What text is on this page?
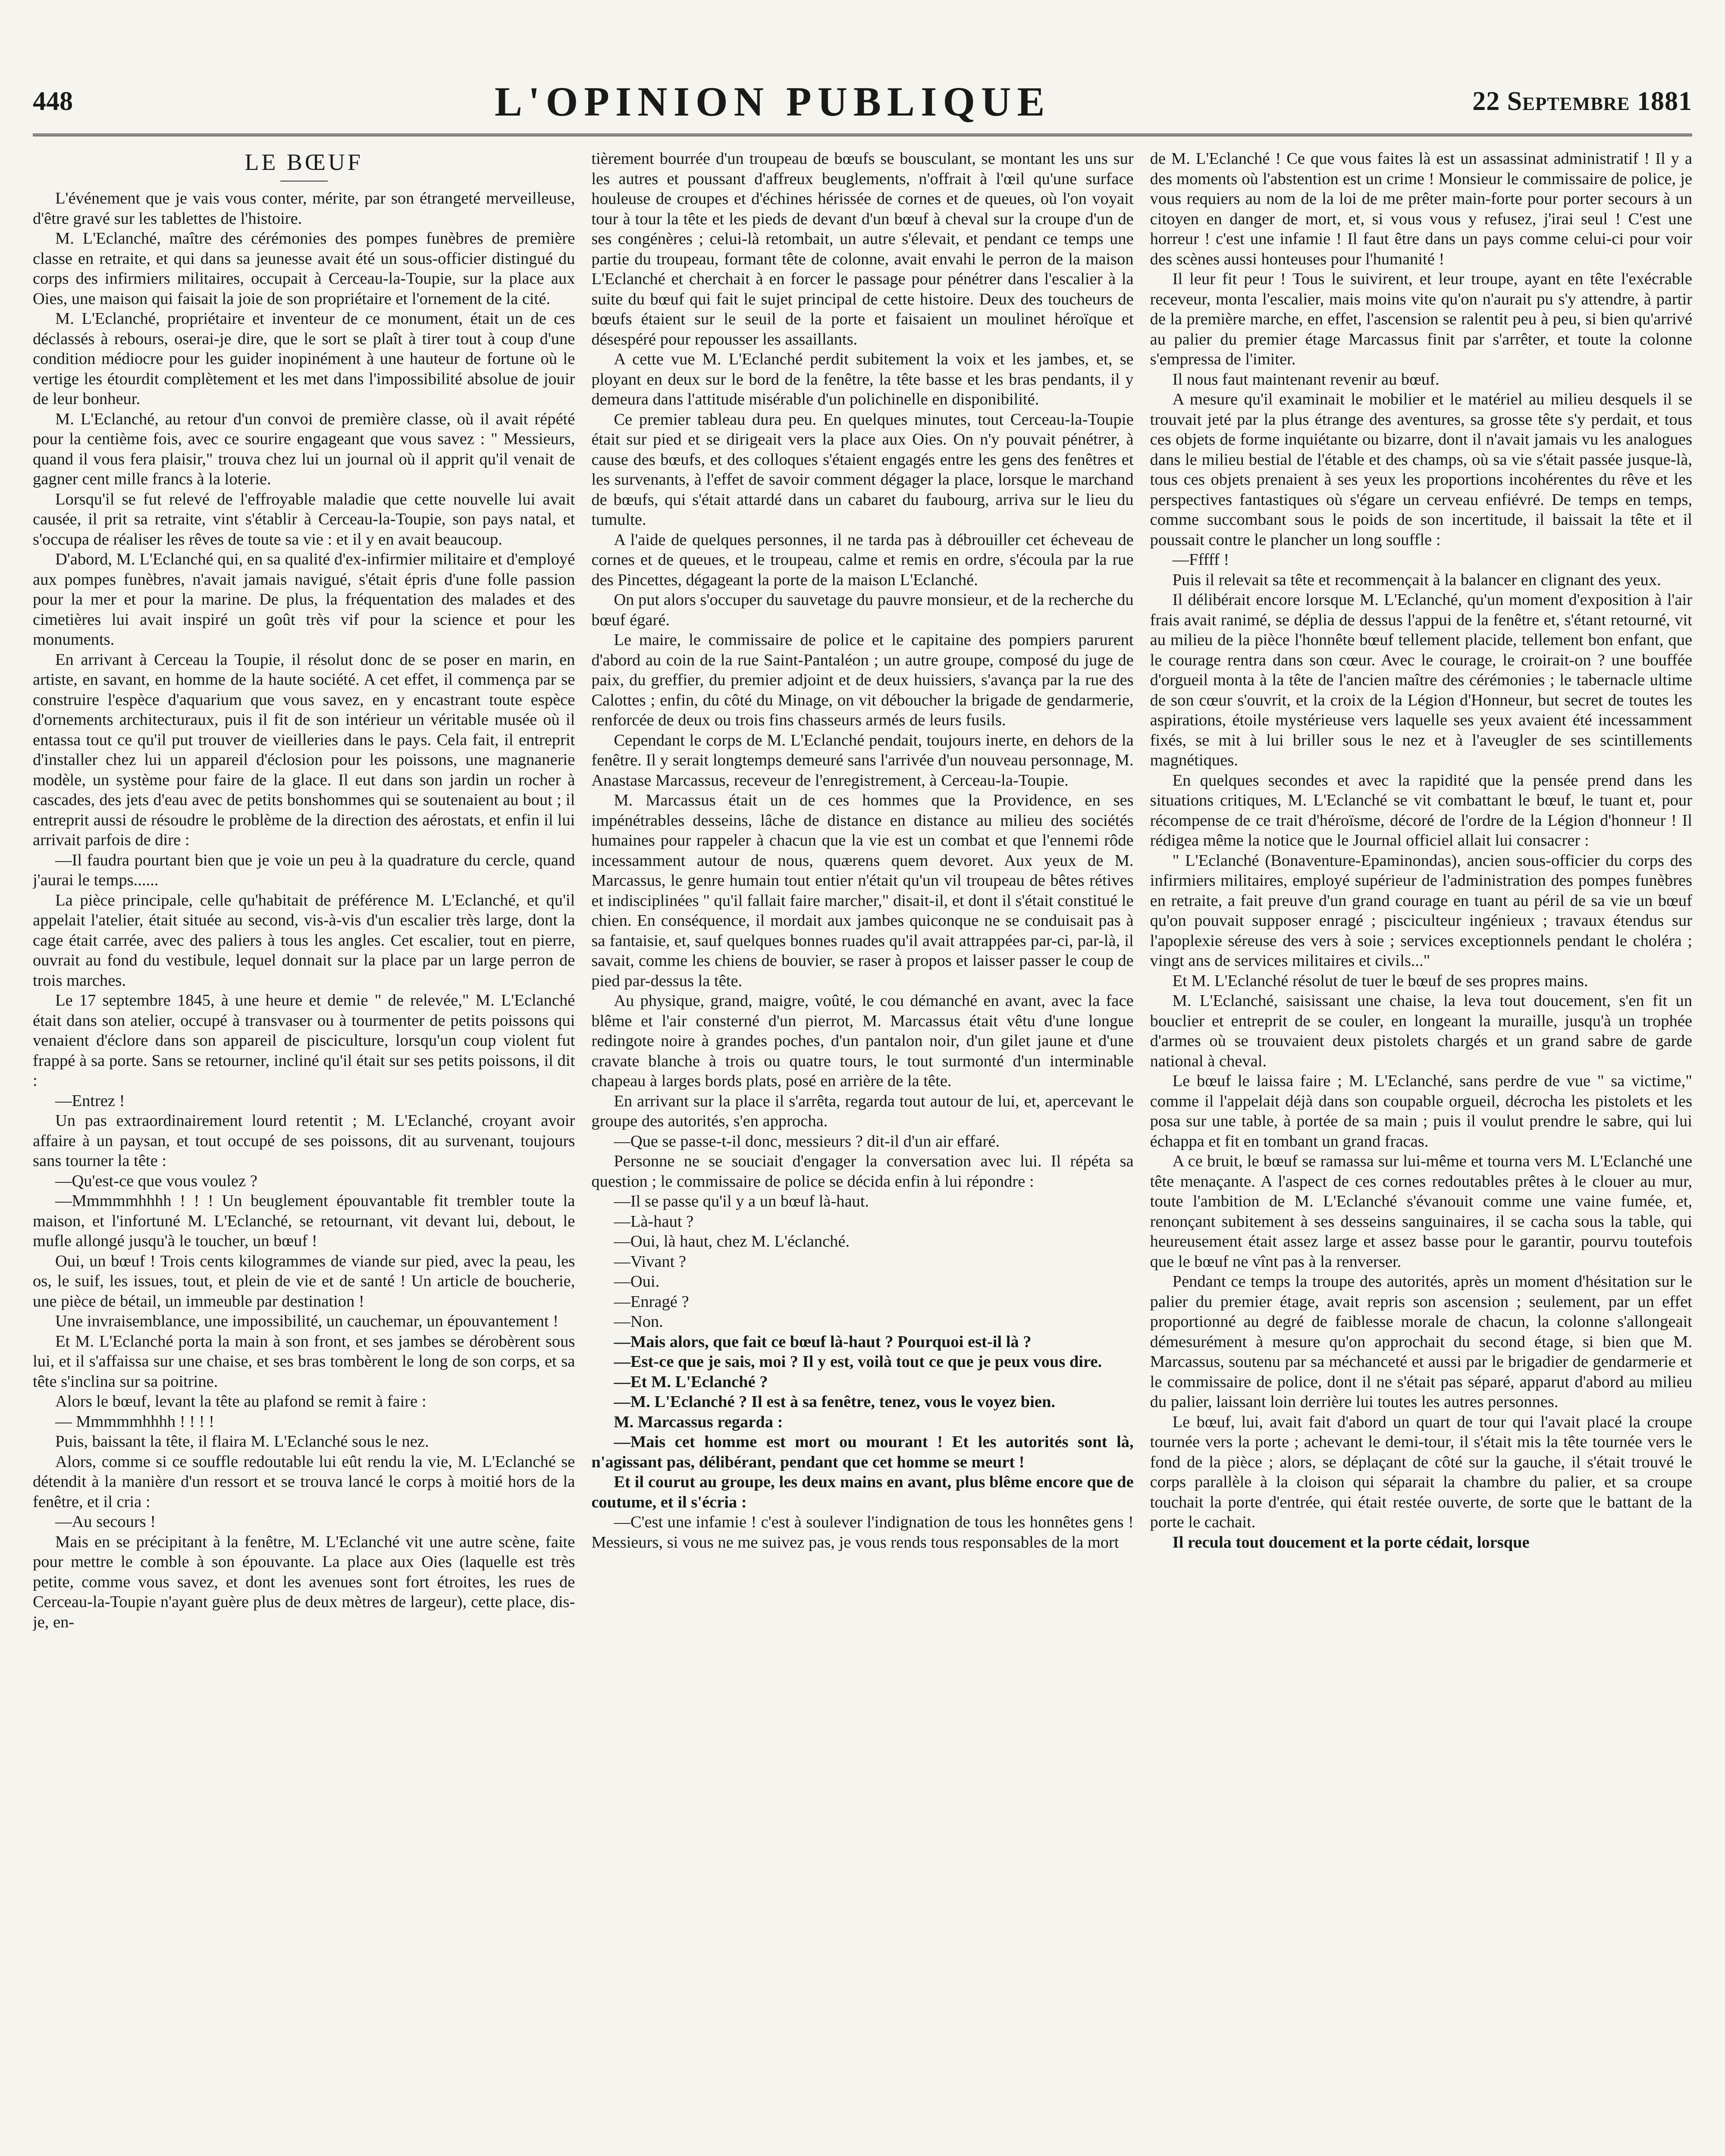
448	L'OPINION PUBLIQUE	22 Septembre 1881
LE BŒUF

L'événement que je vais vous conter, mérite, par son étrangeté merveilleuse, d'être gravé sur les tablettes de l'histoire.

M. L'Eclanché, maître des cérémonies des pompes funèbres de première classe en retraite, et qui dans sa jeunesse avait été un sous-officier distingué du corps des infirmiers militaires, occupait à Cerceau-la-Toupie, sur la place aux Oies, une maison qui faisait la joie de son propriétaire et l'ornement de la cité.

M. L'Eclanché, propriétaire et inventeur de ce monument, était un de ces déclassés à rebours, oserai-je dire, que le sort se plaît à tirer tout à coup d'une condition médiocre pour les guider inopinément à une hauteur de fortune où le vertige les étourdit complètement et les met dans l'impossibilité absolue de jouir de leur bonheur.

M. L'Eclanché, au retour d'un convoi de première classe, où il avait répété pour la centième fois, avec ce sourire engageant que vous savez : " Messieurs, quand il vous fera plaisir," trouva chez lui un journal où il apprit qu'il venait de gagner cent mille francs à la loterie.

Lorsqu'il se fut relevé de l'effroyable maladie que cette nouvelle lui avait causée, il prit sa retraite, vint s'établir à Cerceau-la-Toupie, son pays natal, et s'occupa de réaliser les rêves de toute sa vie : et il y en avait beaucoup.

D'abord, M. L'Eclanché qui, en sa qualité d'ex-infirmier militaire et d'employé aux pompes funèbres, n'avait jamais navigué, s'était épris d'une folle passion pour la mer et pour la marine. De plus, la fréquentation des malades et des cimetières lui avait inspiré un goût très vif pour la science et pour les monuments.

En arrivant à Cerceau la Toupie, il résolut donc de se poser en marin, en artiste, en savant, en homme de la haute société. A cet effet, il commença par se construire l'espèce d'aquarium que vous savez, en y encastrant toute espèce d'ornements architecturaux, puis il fit de son intérieur un véritable musée où il entassa tout ce qu'il put trouver de vieilleries dans le pays. Cela fait, il entreprit d'installer chez lui un appareil d'éclosion pour les poissons, une magnanerie modèle, un système pour faire de la glace. Il eut dans son jardin un rocher à cascades, des jets d'eau avec de petits bonshommes qui se soutenaient au bout ; il entreprit aussi de résoudre le problème de la direction des aérostats, et enfin il lui arrivait parfois de dire :

—Il faudra pourtant bien que je voie un peu à la quadrature du cercle, quand j'aurai le temps......

La pièce principale, celle qu'habitait de préférence M. L'Eclanché, et qu'il appelait l'atelier, était située au second, vis-à-vis d'un escalier très large, dont la cage était carrée, avec des paliers à tous les angles. Cet escalier, tout en pierre, ouvrait au fond du vestibule, lequel donnait sur la place par un large perron de trois marches.

Le 17 septembre 1845, à une heure et demie " de relevée," M. L'Eclanché était dans son atelier, occupé à transvaser ou à tourmenter de petits poissons qui venaient d'éclore dans son appareil de pisciculture, lorsqu'un coup violent fut frappé à sa porte. Sans se retourner, incliné qu'il était sur ses petits poissons, il dit :

—Entrez !

Un pas extraordinairement lourd retentit ; M. L'Eclanché, croyant avoir affaire à un paysan, et tout occupé de ses poissons, dit au survenant, toujours sans tourner la tête :

—Qu'est-ce que vous voulez ?

—Mmmmmhhhh ! ! ! Un beuglement épouvantable fit trembler toute la maison, et l'infortuné M. L'Eclanché, se retournant, vit devant lui, debout, le mufle allongé jusqu'à le toucher, un bœuf !

Oui, un bœuf ! Trois cents kilogrammes de viande sur pied, avec la peau, les os, le suif, les issues, tout, et plein de vie et de santé ! Un article de boucherie, une pièce de bétail, un immeuble par destination !

Une invraisemblance, une impossibilité, un cauchemar, un épouvantement !

Et M. L'Eclanché porta la main à son front, et ses jambes se dérobèrent sous lui, et il s'affaissa sur une chaise, et ses bras tombèrent le long de son corps, et sa tête s'inclina sur sa poitrine.

Alors le bœuf, levant la tête au plafond se remit à faire :

— Mmmmmhhhh ! ! ! !

Puis, baissant la tête, il flaira M. L'Eclanché sous le nez.

Alors, comme si ce souffle redoutable lui eût rendu la vie, M. L'Eclanché se détendit à la manière d'un ressort et se trouva lancé le corps à moitié hors de la fenêtre, et il cria :

—Au secours !

Mais en se précipitant à la fenêtre, M. L'Eclanché vit une autre scène, faite pour mettre le comble à son épouvante. La place aux Oies (laquelle est très petite, comme vous savez, et dont les avenues sont fort étroites, les rues de Cerceau-la-Toupie n'ayant guère plus de deux mètres de largeur), cette place, dis-je, en-

tièrement bourrée d'un troupeau de bœufs se bousculant, se montant les uns sur les autres et poussant d'affreux beuglements, n'offrait à l'œil qu'une surface houleuse de croupes et d'échines hérissée de cornes et de queues, où l'on voyait tour à tour la tête et les pieds de devant d'un bœuf à cheval sur la croupe d'un de ses congénères ; celui-là retombait, un autre s'élevait, et pendant ce temps une partie du troupeau, formant tête de colonne, avait envahi le perron de la maison L'Eclanché et cherchait à en forcer le passage pour pénétrer dans l'escalier à la suite du bœuf qui fait le sujet principal de cette histoire. Deux des toucheurs de bœufs étaient sur le seuil de la porte et faisaient un moulinet héroïque et désespéré pour repousser les assaillants.

A cette vue M. L'Eclanché perdit subitement la voix et les jambes, et, se ployant en deux sur le bord de la fenêtre, la tête basse et les bras pendants, il y demeura dans l'attitude misérable d'un polichinelle en disponibilité.

Ce premier tableau dura peu. En quelques minutes, tout Cerceau-la-Toupie était sur pied et se dirigeait vers la place aux Oies. On n'y pouvait pénétrer, à cause des bœufs, et des colloques s'étaient engagés entre les gens des fenêtres et les survenants, à l'effet de savoir comment dégager la place, lorsque le marchand de bœufs, qui s'était attardé dans un cabaret du faubourg, arriva sur le lieu du tumulte.

A l'aide de quelques personnes, il ne tarda pas à débrouiller cet écheveau de cornes et de queues, et le troupeau, calme et remis en ordre, s'écoula par la rue des Pincettes, dégageant la porte de la maison L'Eclanché.

On put alors s'occuper du sauvetage du pauvre monsieur, et de la recherche du bœuf égaré.

Le maire, le commissaire de police et le capitaine des pompiers parurent d'abord au coin de la rue Saint-Pantaléon ; un autre groupe, composé du juge de paix, du greffier, du premier adjoint et de deux huissiers, s'avança par la rue des Calottes ; enfin, du côté du Minage, on vit déboucher la brigade de gendarmerie, renforcée de deux ou trois fins chasseurs armés de leurs fusils.

Cependant le corps de M. L'Eclanché pendait, toujours inerte, en dehors de la fenêtre. Il y serait longtemps demeuré sans l'arrivée d'un nouveau personnage, M. Anastase Marcassus, receveur de l'enregistrement, à Cerceau-la-Toupie.

M. Marcassus était un de ces hommes que la Providence, en ses impénétrables desseins, lâche de distance en distance au milieu des sociétés humaines pour rappeler à chacun que la vie est un combat et que l'ennemi rôde incessamment autour de nous, quærens quem devoret. Aux yeux de M. Marcassus, le genre humain tout entier n'était qu'un vil troupeau de bêtes rétives et indisciplinées " qu'il fallait faire marcher," disait-il, et dont il s'était constitué le chien. En conséquence, il mordait aux jambes quiconque ne se conduisait pas à sa fantaisie, et, sauf quelques bonnes ruades qu'il avait attrappées par-ci, par-là, il savait, comme les chiens de bouvier, se raser à propos et laisser passer le coup de pied par-dessus la tête.

Au physique, grand, maigre, voûté, le cou démanché en avant, avec la face blême et l'air consterné d'un pierrot, M. Marcassus était vêtu d'une longue redingote noire à grandes poches, d'un pantalon noir, d'un gilet jaune et d'une cravate blanche à trois ou quatre tours, le tout surmonté d'un interminable chapeau à larges bords plats, posé en arrière de la tête.

En arrivant sur la place il s'arrêta, regarda tout autour de lui, et, apercevant le groupe des autorités, s'en approcha.

—Que se passe-t-il donc, messieurs ? dit-il d'un air effaré.

Personne ne se souciait d'engager la conversation avec lui. Il répéta sa question ; le commissaire de police se décida enfin à lui répondre :

—Il se passe qu'il y a un bœuf là-haut.

—Là-haut ?

—Oui, là haut, chez M. L'éclanché.

—Vivant ?

—Oui.

—Enragé ?

—Non.

—Mais alors, que fait ce bœuf là-haut ? Pourquoi est-il là ?

—Est-ce que je sais, moi ? Il y est, voilà tout ce que je peux vous dire.

—Et M. L'Eclanché ?

—M. L'Eclanché ? Il est à sa fenêtre, tenez, vous le voyez bien.

M. Marcassus regarda :

—Mais cet homme est mort ou mourant ! Et les autorités sont là, n'agissant pas, délibérant, pendant que cet homme se meurt !

Et il courut au groupe, les deux mains en avant, plus blême encore que de coutume, et il s'écria :

—C'est une infamie ! c'est à soulever l'indignation de tous les honnêtes gens ! Messieurs, si vous ne me suivez pas, je vous rends tous responsables de la mort

de M. L'Eclanché ! Ce que vous faites là est un assassinat administratif ! Il y a des moments où l'abstention est un crime ! Monsieur le commissaire de police, je vous requiers au nom de la loi de me prêter main-forte pour porter secours à un citoyen en danger de mort, et, si vous vous y refusez, j'irai seul ! C'est une horreur ! c'est une infamie ! Il faut être dans un pays comme celui-ci pour voir des scènes aussi honteuses pour l'humanité !

Il leur fit peur ! Tous le suivirent, et leur troupe, ayant en tête l'exécrable receveur, monta l'escalier, mais moins vite qu'on n'aurait pu s'y attendre, à partir de la première marche, en effet, l'ascension se ralentit peu à peu, si bien qu'arrivé au palier du premier étage Marcassus finit par s'arrêter, et toute la colonne s'empressa de l'imiter.

Il nous faut maintenant revenir au bœuf.

A mesure qu'il examinait le mobilier et le matériel au milieu desquels il se trouvait jeté par la plus étrange des aventures, sa grosse tête s'y perdait, et tous ces objets de forme inquiétante ou bizarre, dont il n'avait jamais vu les analogues dans le milieu bestial de l'étable et des champs, où sa vie s'était passée jusque-là, tous ces objets prenaient à ses yeux les proportions incohérentes du rêve et les perspectives fantastiques où s'égare un cerveau enfiévré. De temps en temps, comme succombant sous le poids de son incertitude, il baissait la tête et il poussait contre le plancher un long souffle :

—Fffff !

Puis il relevait sa tête et recommençait à la balancer en clignant des yeux.

Il délibérait encore lorsque M. L'Eclanché, qu'un moment d'exposition à l'air frais avait ranimé, se déplia de dessus l'appui de la fenêtre et, s'étant retourné, vit au milieu de la pièce l'honnête bœuf tellement placide, tellement bon enfant, que le courage rentra dans son cœur. Avec le courage, le croirait-on ? une bouffée d'orgueil monta à la tête de l'ancien maître des cérémonies ; le tabernacle ultime de son cœur s'ouvrit, et la croix de la Légion d'Honneur, but secret de toutes les aspirations, étoile mystérieuse vers laquelle ses yeux avaient été incessamment fixés, se mit à lui briller sous le nez et à l'aveugler de ses scintillements magnétiques.

En quelques secondes et avec la rapidité que la pensée prend dans les situations critiques, M. L'Eclanché se vit combattant le bœuf, le tuant et, pour récompense de ce trait d'héroïsme, décoré de l'ordre de la Légion d'honneur ! Il rédigea même la notice que le Journal officiel allait lui consacrer :

" L'Eclanché (Bonaventure-Epaminondas), ancien sous-officier du corps des infirmiers militaires, employé supérieur de l'administration des pompes funèbres en retraite, a fait preuve d'un grand courage en tuant au péril de sa vie un bœuf qu'on pouvait supposer enragé ; pisciculteur ingénieux ; travaux étendus sur l'apoplexie séreuse des vers à soie ; services exceptionnels pendant le choléra ; vingt ans de services militaires et civils..."

Et M. L'Eclanché résolut de tuer le bœuf de ses propres mains.

M. L'Eclanché, saisissant une chaise, la leva tout doucement, s'en fit un bouclier et entreprit de se couler, en longeant la muraille, jusqu'à un trophée d'armes où se trouvaient deux pistolets chargés et un grand sabre de garde national à cheval.

Le bœuf le laissa faire ; M. L'Eclanché, sans perdre de vue " sa victime," comme il l'appelait déjà dans son coupable orgueil, décrocha les pistolets et les posa sur une table, à portée de sa main ; puis il voulut prendre le sabre, qui lui échappa et fit en tombant un grand fracas.

A ce bruit, le bœuf se ramassa sur lui-même et tourna vers M. L'Eclanché une tête menaçante. A l'aspect de ces cornes redoutables prêtes à le clouer au mur, toute l'ambition de M. L'Eclanché s'évanouit comme une vaine fumée, et, renonçant subitement à ses desseins sanguinaires, il se cacha sous la table, qui heureusement était assez large et assez basse pour le garantir, pourvu toutefois que le bœuf ne vînt pas à la renverser.

Pendant ce temps la troupe des autorités, après un moment d'hésitation sur le palier du premier étage, avait repris son ascension ; seulement, par un effet proportionné au degré de faiblesse morale de chacun, la colonne s'allongeait démesurément à mesure qu'on approchait du second étage, si bien que M. Marcassus, soutenu par sa méchanceté et aussi par le brigadier de gendarmerie et le commissaire de police, dont il ne s'était pas séparé, apparut d'abord au milieu du palier, laissant loin derrière lui toutes les autres personnes.

Le bœuf, lui, avait fait d'abord un quart de tour qui l'avait placé la croupe tournée vers la porte ; achevant le demi-tour, il s'était mis la tête tournée vers le fond de la pièce ; alors, se déplaçant de côté sur la gauche, il s'était trouvé le corps parallèle à la cloison qui séparait la chambre du palier, et sa croupe touchait la porte d'entrée, qui était restée ouverte, de sorte que le battant de la porte le cachait.

Il recula tout doucement et la porte cédait, lorsque
